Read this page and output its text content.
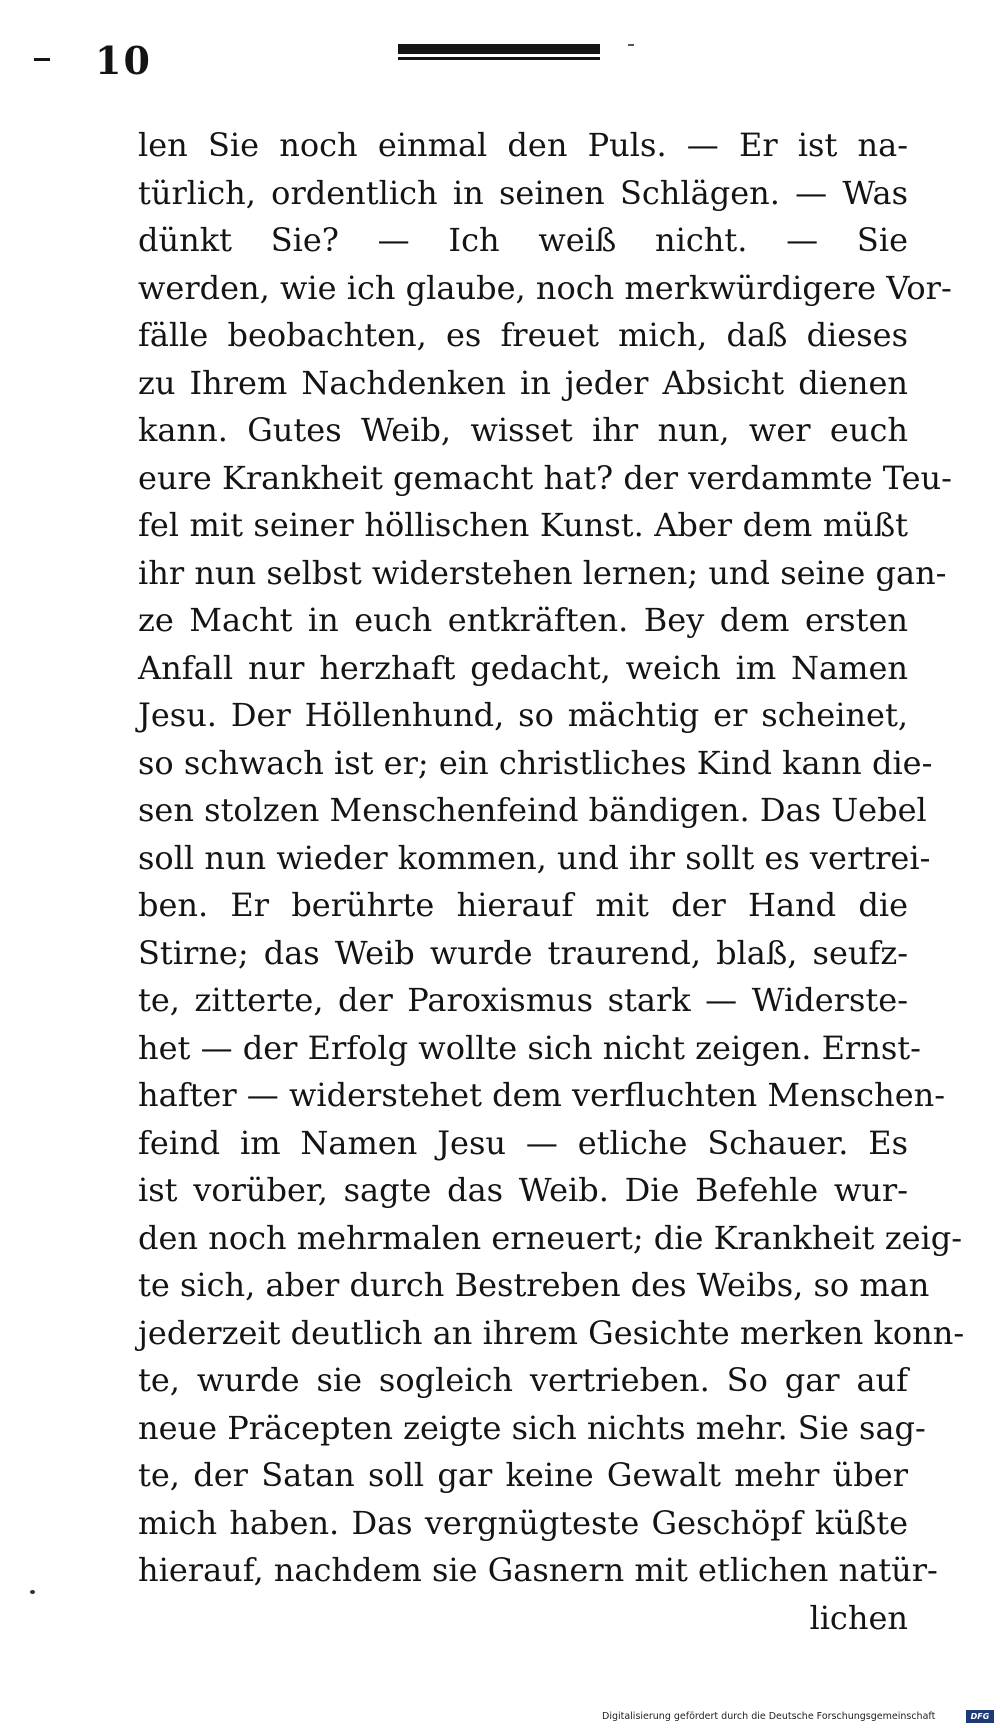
10
len Sie noch einmal den Puls. — Er ist na-
türlich, ordentlich in seinen Schlägen. — Was
dünkt Sie? — Ich weiß nicht. — Sie
werden, wie ich glaube, noch merkwürdigere Vor-
fälle beobachten, es freuet mich, daß dieses
zu Ihrem Nachdenken in jeder Absicht dienen
kann. Gutes Weib, wisset ihr nun, wer euch
eure Krankheit gemacht hat? der verdammte Teu-
fel mit seiner höllischen Kunst. Aber dem müßt
ihr nun selbst widerstehen lernen; und seine gan-
ze Macht in euch entkräften. Bey dem ersten
Anfall nur herzhaft gedacht, weich im Namen
Jesu. Der Höllenhund, so mächtig er scheinet,
so schwach ist er; ein christliches Kind kann die-
sen stolzen Menschenfeind bändigen. Das Uebel
soll nun wieder kommen, und ihr sollt es vertrei-
ben. Er berührte hierauf mit der Hand die
Stirne; das Weib wurde traurend, blaß, seufz-
te, zitterte, der Paroxismus stark — Widerste-
het — der Erfolg wollte sich nicht zeigen. Ernst-
hafter — widerstehet dem verfluchten Menschen-
feind im Namen Jesu — etliche Schauer. Es
ist vorüber, sagte das Weib. Die Befehle wur-
den noch mehrmalen erneuert; die Krankheit zeig-
te sich, aber durch Bestreben des Weibs, so man
jederzeit deutlich an ihrem Gesichte merken konn-
te, wurde sie sogleich vertrieben. So gar auf
neue Präcepten zeigte sich nichts mehr. Sie sag-
te, der Satan soll gar keine Gewalt mehr über
mich haben. Das vergnügteste Geschöpf küßte
hierauf, nachdem sie Gasnern mit etlichen natür-
lichen
Digitalisierung gefördert durch die Deutsche Forschungsgemeinschaft	DFG
